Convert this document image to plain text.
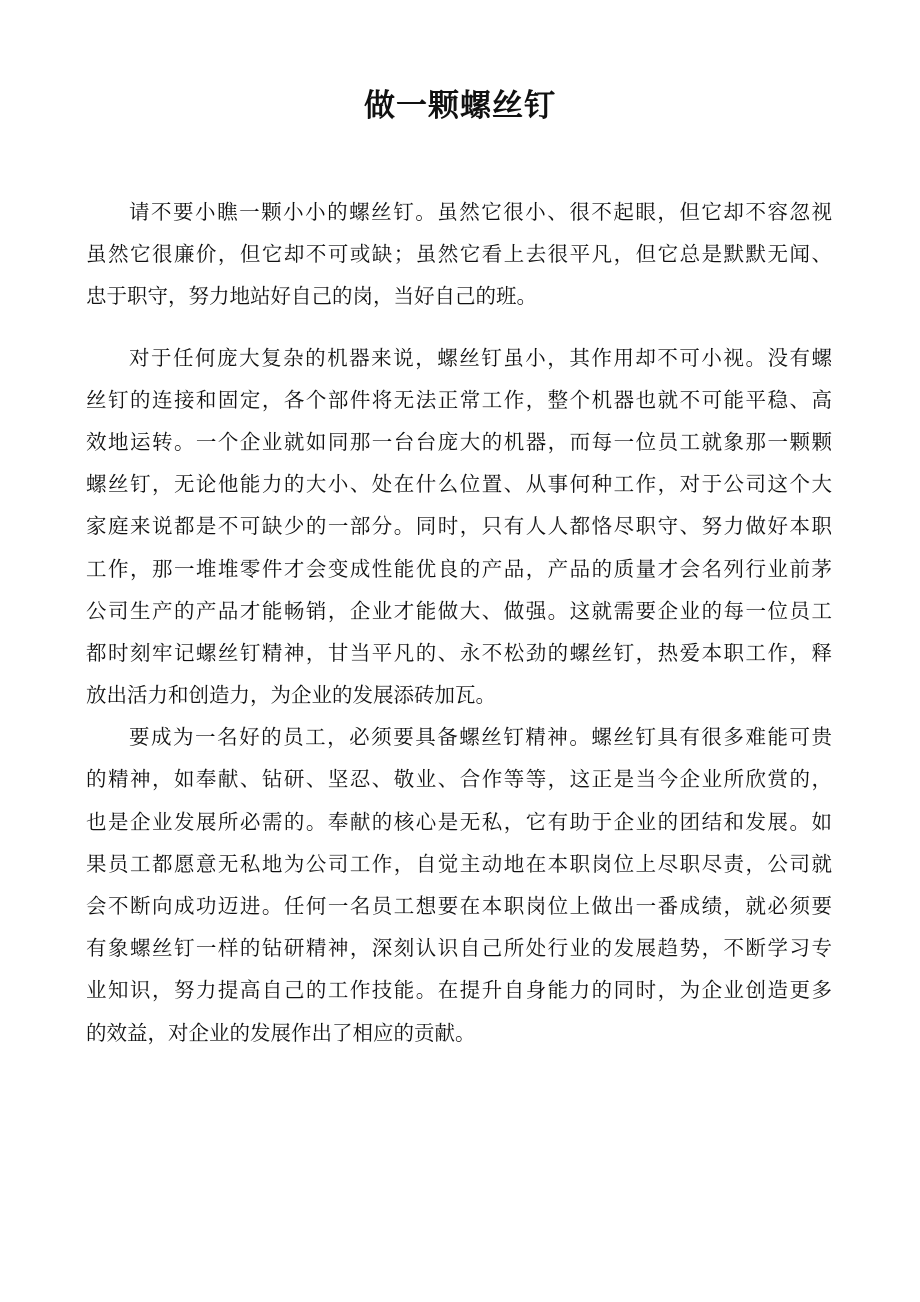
做一颗螺丝钉
请不要小瞧一颗小小的螺丝钉。虽然它很小、很不起眼，但它却不容忽视
虽然它很廉价，但它却不可或缺；虽然它看上去很平凡，但它总是默默无闻、
忠于职守，努力地站好自己的岗，当好自己的班。
对于任何庞大复杂的机器来说，螺丝钉虽小，其作用却不可小视。没有螺
丝钉的连接和固定，各个部件将无法正常工作，整个机器也就不可能平稳、高
效地运转。一个企业就如同那一台台庞大的机器，而每一位员工就象那一颗颗
螺丝钉，无论他能力的大小、处在什么位置、从事何种工作，对于公司这个大
家庭来说都是不可缺少的一部分。同时，只有人人都恪尽职守、努力做好本职
工作，那一堆堆零件才会变成性能优良的产品，产品的质量才会名列行业前茅
公司生产的产品才能畅销，企业才能做大、做强。这就需要企业的每一位员工
都时刻牢记螺丝钉精神，甘当平凡的、永不松劲的螺丝钉，热爱本职工作，释
放出活力和创造力，为企业的发展添砖加瓦。
要成为一名好的员工，必须要具备螺丝钉精神。螺丝钉具有很多难能可贵
的精神，如奉献、钻研、坚忍、敬业、合作等等，这正是当今企业所欣赏的，
也是企业发展所必需的。奉献的核心是无私，它有助于企业的团结和发展。如
果员工都愿意无私地为公司工作，自觉主动地在本职岗位上尽职尽责，公司就
会不断向成功迈进。任何一名员工想要在本职岗位上做出一番成绩，就必须要
有象螺丝钉一样的钻研精神，深刻认识自己所处行业的发展趋势，不断学习专
业知识，努力提高自己的工作技能。在提升自身能力的同时，为企业创造更多
的效益，对企业的发展作出了相应的贡献。
